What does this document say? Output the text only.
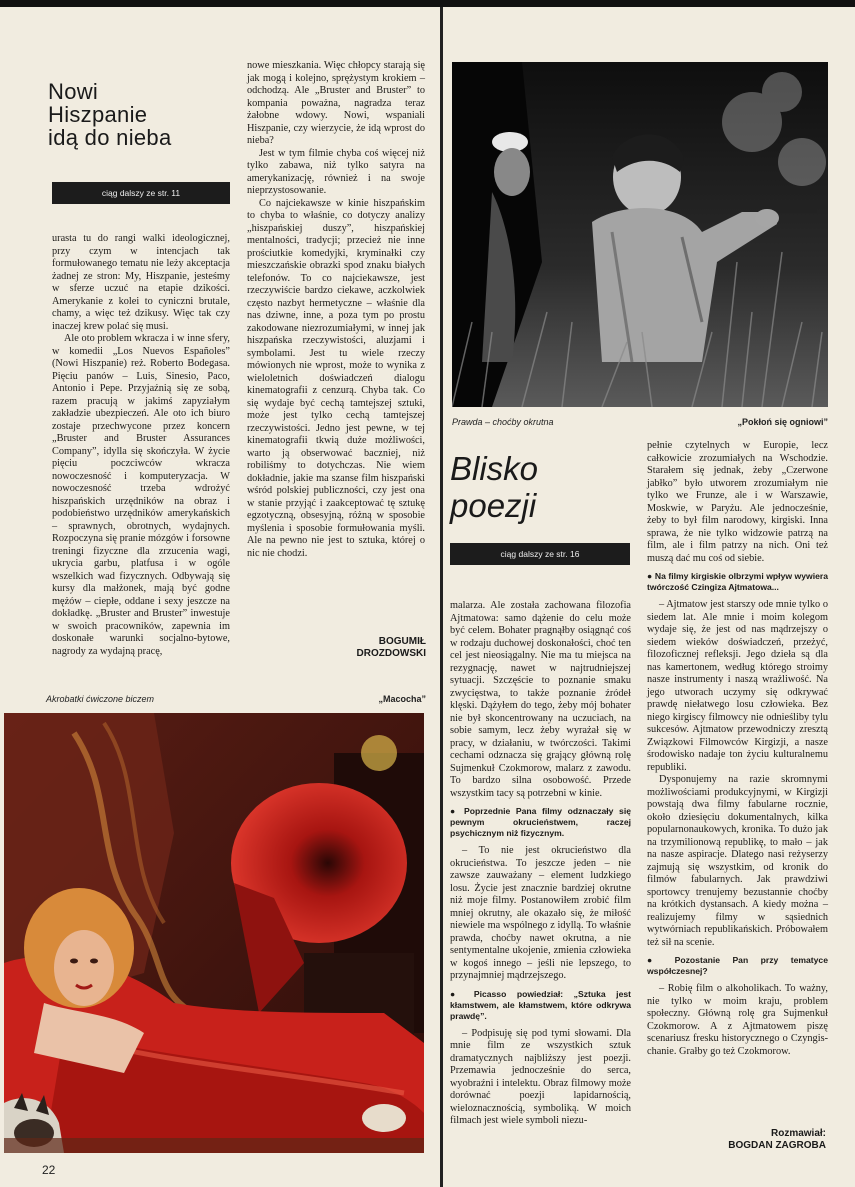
Nowi
Hiszpanie
idą do nieba
ciąg dalszy ze str. 11

urasta tu do rangi walki ideologicznej, przy czym w intencjach tak formułowanego tematu nie leży akceptacja żadnej ze stron: My, Hiszpanie, jesteśmy w sferze uczuć na etapie dzikości. Amerykanie z kolei to cyniczni brutale, chamy, a więc też dzikusy. Więc tak czy inaczej krew polać się musi.

Ale oto problem wkracza i w inne sfery, w komedii „Los Nuevos Españoles” (Nowi Hiszpanie) reż. Roberto Bodegasa. Pięciu panów – Luis, Sinesio, Paco, Antonio i Pepe. Przyjaźnią się ze sobą, razem pracują w jakimś zapyziałym zakładzie ubezpieczeń. Ale oto ich biuro zostaje przechwycone przez koncern „Bruster and Bruster Assurances Company”, idylla się skończyła. W życie pięciu poczciwców wkracza nowoczesność i komputeryzacja. W nowoczesność trzeba wdrożyć hiszpańskich urzędników na obraz i podobieństwo urzędników amerykańskich – sprawnych, obrotnych, wydajnych. Rozpoczyna się pranie mózgów i forsowne treningi fizyczne dla zrzucenia wagi, ukrycia garbu, platfusa i w ogóle wszelkich wad fizycznych. Odbywają się kursy dla małżonek, mają być godne mężów – ciepłe, oddane i sexy jeszcze na dokładkę. „Bruster and Bruster” inwestuje w swoich pracowników, zapewnia im doskonałe warunki socjalno-bytowe, nagrody za wydajną pracę,

nowe mieszkania. Więc chłopcy starają się jak mogą i kolejno, sprężystym krokiem – odchodzą. Ale „Bruster and Bruster” to kompania poważna, nagradza teraz żałobne wdowy. Nowi, wspaniali Hiszpanie, czy wierzycie, że idą wprost do nieba?

Jest w tym filmie chyba coś więcej niż tylko zabawa, niż tylko satyra na amerykanizację, również i na swoje nieprzystosowanie.

Co najciekawsze w kinie hiszpańskim to chyba to właśnie, co dotyczy analizy „hiszpańskiej duszy”, hiszpańskiej mentalności, tradycji; przecież nie inne prościutkie komedyjki, kryminałki czy mieszczańskie obrazki spod znaku białych telefonów. To co najciekawsze, jest rzeczywiście bardzo ciekawe, aczkolwiek często nazbyt hermetyczne – właśnie dla nas dziwne, inne, a poza tym po prostu zakodowane niezrozumiałymi, w innej jak hiszpańska rzeczywistości, aluzjami i symbolami. Jest tu wiele rzeczy mówionych nie wprost, może to wynika z wieloletnich doświadczeń dialogu kinematografii z cenzurą. Chyba tak. Co się wydaje być cechą tamtejszej sztuki, może jest tylko cechą tamtejszej rzeczywistości. Jedno jest pewne, w tej kinematografii tkwią duże możliwości, warto ją obserwować baczniej, niż robiliśmy to dotychczas. Nie wiem dokładnie, jakie ma szanse film hiszpański wśród polskiej publiczności, czy jest ona w stanie przyjąć i zaakceptować tę sztukę egzotyczną, obsesyjną, różną w sposobie myślenia i sposobie formułowania myśli. Ale na pewno nie jest to sztuka, której o nic nie chodzi.

BOGUMIŁ
DROZDOWSKI
Akrobatki ćwiczone biczem	„Macocha”
22
Prawda – choćby okrutna	„Pokłoń się ogniowi”
Blisko
poezji
ciąg dalszy ze str. 16

malarza. Ale została zachowana filozofia Ajtmatowa: samo dążenie do celu może być celem. Bohater pragnąłby osiągnąć coś w rodzaju duchowej doskonałości, choć ten cel jest nieosiągalny. Nie ma tu miejsca na rezygnację, nawet w najtrudniejszej sytuacji. Szczęście to poznanie smaku zwycięstwa, to także poznanie źródeł klęski. Dążyłem do tego, żeby mój bohater nie był skoncentrowany na uczuciach, na sobie samym, lecz żeby wyrażał się w pracy, w działaniu, w twórczości. Takimi cechami odznacza się grający główną rolę Sujmenkuł Czokmorow, malarz z zawodu. To bardzo silna osobowość. Przede wszystkim tacy są potrzebni w kinie.

● Poprzednie Pana filmy odznaczały się pewnym okrucieństwem, raczej psychicznym niż fizycznym.

– To nie jest okrucieństwo dla okrucieństwa. To jeszcze jeden – nie zawsze zauważany – element ludzkiego losu. Życie jest znacznie bardziej okrutne niż moje filmy. Postanowiłem zrobić film mniej okrutny, ale okazało się, że miłość niewiele ma wspólnego z idyllą. To właśnie prawda, choćby nawet okrutna, a nie sentymentalne ukojenie, zmienia człowieka w kogoś innego – jeśli nie lepszego, to przynajmniej mądrzejszego.

● Picasso powiedział: „Sztuka jest kłamstwem, ale kłamstwem, które odkrywa prawdę”.

– Podpisuję się pod tymi słowami. Dla mnie film ze wszystkich sztuk dramatycznych najbliższy jest poezji. Przemawia jednocześnie do serca, wyobraźni i intelektu. Obraz filmowy może dorównać poezji lapidarnością, wieloznacznością, symboliką. W moich filmach jest wiele symboli niezu-

pełnie czytelnych w Europie, lecz całkowicie zrozumiałych na Wschodzie. Starałem się jednak, żeby „Czerwone jabłko” było utworem zrozumiałym nie tylko we Frunze, ale i w Warszawie, Moskwie, w Paryżu. Ale jednocześnie, żeby to był film narodowy, kirgiski. Inna sprawa, że nie tylko widzowie patrzą na film, ale i film patrzy na nich. Oni też muszą dać mu coś od siebie.

● Na filmy kirgiskie olbrzymi wpływ wywiera twórczość Czingiza Ajtmatowa...

– Ajtmatow jest starszy ode mnie tylko o siedem lat. Ale mnie i moim kolegom wydaje się, że jest od nas mądrzejszy o siedem wieków doświadczeń, przeżyć, filozoficznej refleksji. Jego dzieła są dla nas kamertonem, według którego stroimy nasze instrumenty i naszą wrażliwość. Na jego utworach uczymy się odkrywać prawdę niełatwego losu człowieka. Bez niego kirgiscy filmowcy nie odnieśliby tylu sukcesów. Ajtmatow przewodniczy zresztą Związkowi Filmowców Kirgizji, a nasze środowisko nadaje ton życiu kulturalnemu republiki.

Dysponujemy na razie skromnymi możliwościami produkcyjnymi, w Kirgizji powstają dwa filmy fabularne rocznie, około dziesięciu dokumentalnych, kilka popularnonaukowych, kronika. To dużo jak na trzymilionową republikę, to mało – jak na nasze aspiracje. Dlatego nasi reżyserzy zajmują się wszystkim, od kronik do filmów fabularnych. Jak prawdziwi sportowcy trenujemy bezustannie choćby na krótkich dystansach. A kiedy można – realizujemy filmy w sąsiednich wytwórniach republikańskich. Próbowałem też sił na scenie.

● Pozostanie Pan przy tematyce współczesnej?

– Robię film o alkoholikach. To ważny, nie tylko w moim kraju, problem społeczny. Główną rolę gra Sujmenkuł Czokmorow. A z Ajtmatowem piszę scenariusz fresku historycznego o Czyngis-chanie. Grałby go też Czokmorow.

Rozmawiał:
BOGDAN ZAGROBA
